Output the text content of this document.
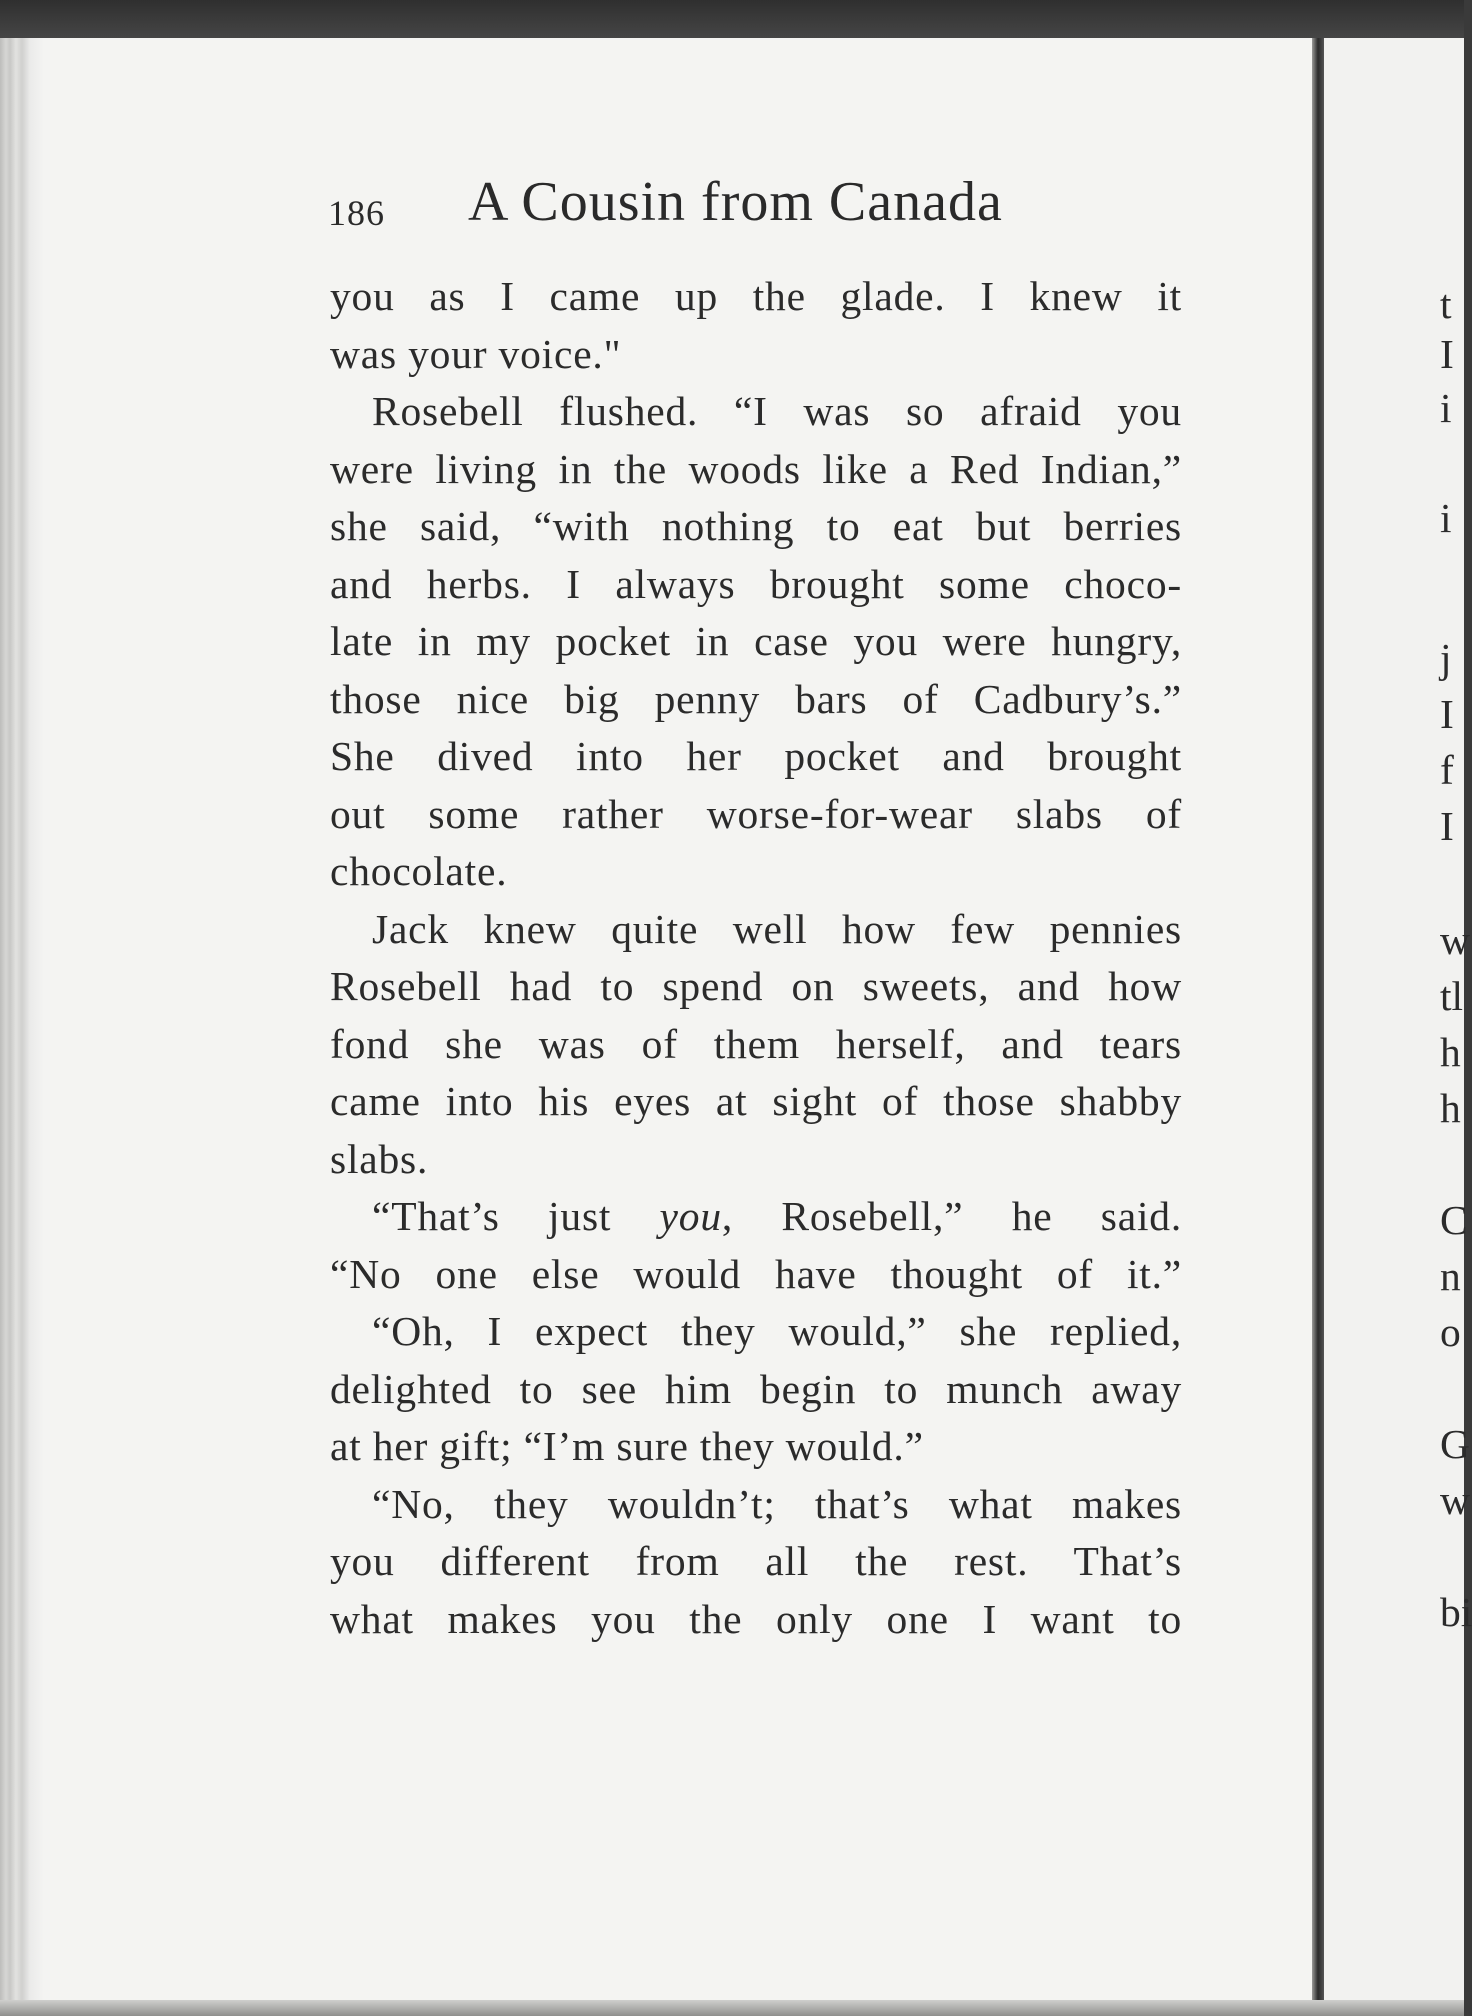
186 A Cousin from Canada
you as I came up the glade. I knew it
was your voice."
Rosebell flushed. “I was so afraid you
were living in the woods like a Red Indian,”
she said, “with nothing to eat but berries
and herbs. I always brought some choco-
late in my pocket in case you were hungry,
those nice big penny bars of Cadbury’s.”
She dived into her pocket and brought
out some rather worse-for-wear slabs of
chocolate.
Jack knew quite well how few pennies
Rosebell had to spend on sweets, and how
fond she was of them herself, and tears
came into his eyes at sight of those shabby
slabs.
“That’s just you, Rosebell,” he said.
“No one else would have thought of it.”
“Oh, I expect they would,” she replied,
delighted to see him begin to munch away
at her gift; “I’m sure they would.”
“No, they wouldn’t; that’s what makes
you different from all the rest. That’s
what makes you the only one I want to
t
I
i
i
j
I
f
I
w
tl
h
h
C
n
o
G
w
bi
